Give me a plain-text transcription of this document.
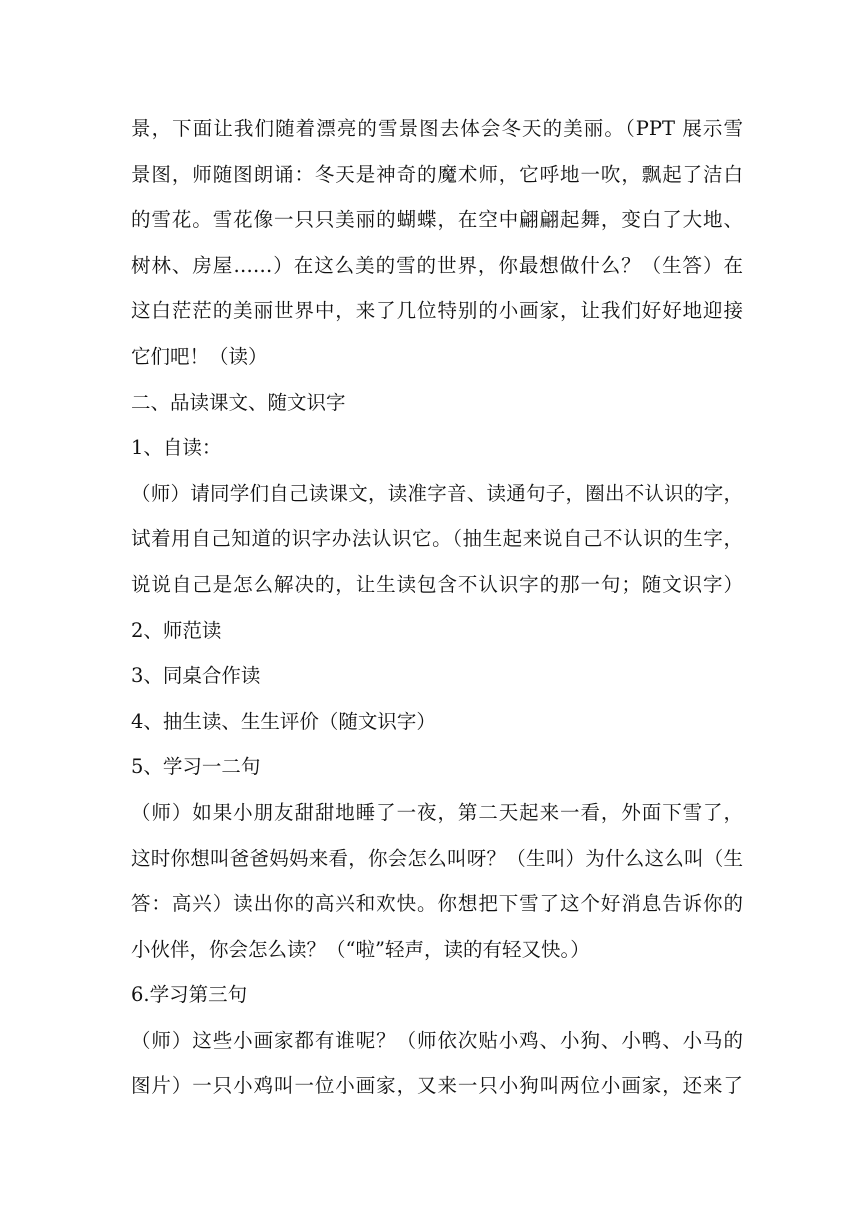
景，下面让我们随着漂亮的雪景图去体会冬天的美丽。（PPT 展示雪
景图，师随图朗诵：冬天是神奇的魔术师，它呼地一吹，飘起了洁白
的雪花。雪花像一只只美丽的蝴蝶，在空中翩翩起舞，变白了大地、
树林、房屋……）在这么美的雪的世界，你最想做什么？（生答）在
这白茫茫的美丽世界中，来了几位特别的小画家，让我们好好地迎接
它们吧！（读）
二、品读课文、随文识字
1、自读：
（师）请同学们自己读课文，读准字音、读通句子，圈出不认识的字，
试着用自己知道的识字办法认识它。（抽生起来说自己不认识的生字，
说说自己是怎么解决的，让生读包含不认识字的那一句；随文识字）
2、师范读
3、同桌合作读
4、抽生读、生生评价（随文识字）
5、学习一二句
（师）如果小朋友甜甜地睡了一夜，第二天起来一看，外面下雪了，
这时你想叫爸爸妈妈来看，你会怎么叫呀？（生叫）为什么这么叫（生
答：高兴）读出你的高兴和欢快。你想把下雪了这个好消息告诉你的
小伙伴，你会怎么读？（“啦”轻声，读的有轻又快。）
6.学习第三句
（师）这些小画家都有谁呢？（师依次贴小鸡、小狗、小鸭、小马的
图片）一只小鸡叫一位小画家，又来一只小狗叫两位小画家，还来了
